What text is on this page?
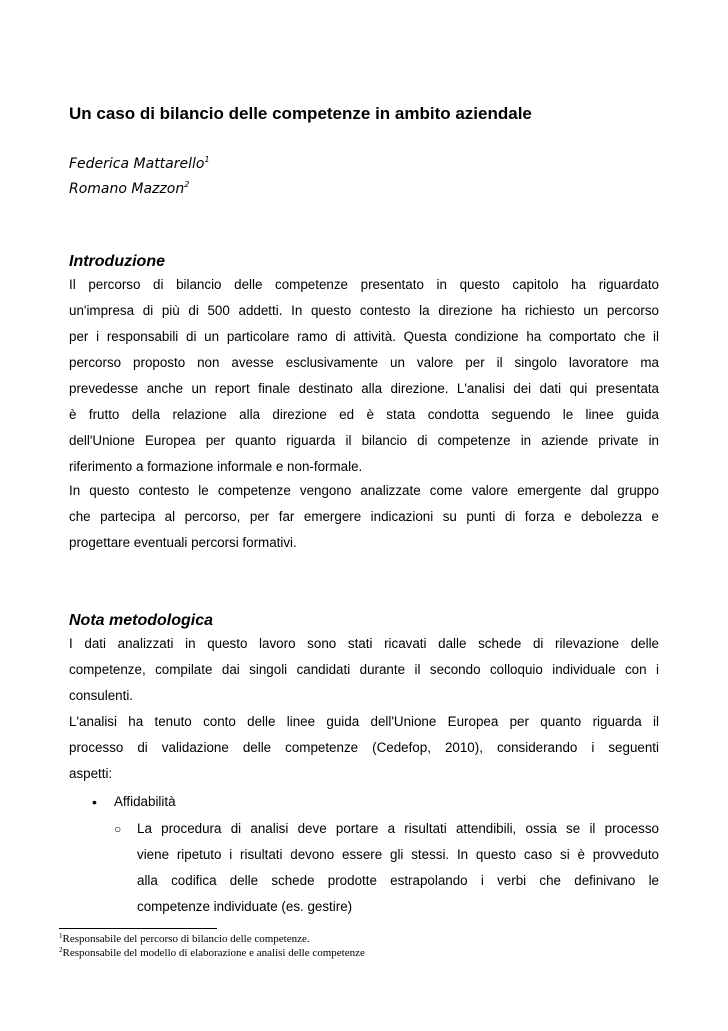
Un caso di bilancio delle competenze in ambito aziendale
Federica Mattarello$^1$
Romano Mazzon$^2$
Introduzione
Il percorso di bilancio delle competenze presentato in questo capitolo ha riguardato
un'impresa di più di 500 addetti. In questo contesto la direzione ha richiesto un percorso
per i responsabili di un particolare ramo di attività. Questa condizione ha comportato che il
percorso proposto non avesse esclusivamente un valore per il singolo lavoratore ma
prevedesse anche un report finale destinato alla direzione. L'analisi dei dati qui presentata
è frutto della relazione alla direzione ed è stata condotta seguendo le linee guida
dell'Unione Europea per quanto riguarda il bilancio di competenze in aziende private in
riferimento a formazione informale e non-formale.
In questo contesto le competenze vengono analizzate come valore emergente dal gruppo
che partecipa al percorso, per far emergere indicazioni su punti di forza e debolezza e
progettare eventuali percorsi formativi.
Nota metodologica
I dati analizzati in questo lavoro sono stati ricavati dalle schede di rilevazione delle
competenze, compilate dai singoli candidati durante il secondo colloquio individuale con i
consulenti.
L'analisi ha tenuto conto delle linee guida dell'Unione Europea per quanto riguarda il
processo di validazione delle competenze (Cedefop, 2010), considerando i seguenti
aspetti:
• Affidabilità
○ La procedura di analisi deve portare a risultati attendibili, ossia se il processo
viene ripetuto i risultati devono essere gli stessi. In questo caso si è provveduto
alla codifica delle schede prodotte estrapolando i verbi che definivano le
competenze individuate (es. gestire)
$^1$Responsabile del percorso di bilancio delle competenze.
$^2$Responsabile del modello di elaborazione e analisi delle competenze
